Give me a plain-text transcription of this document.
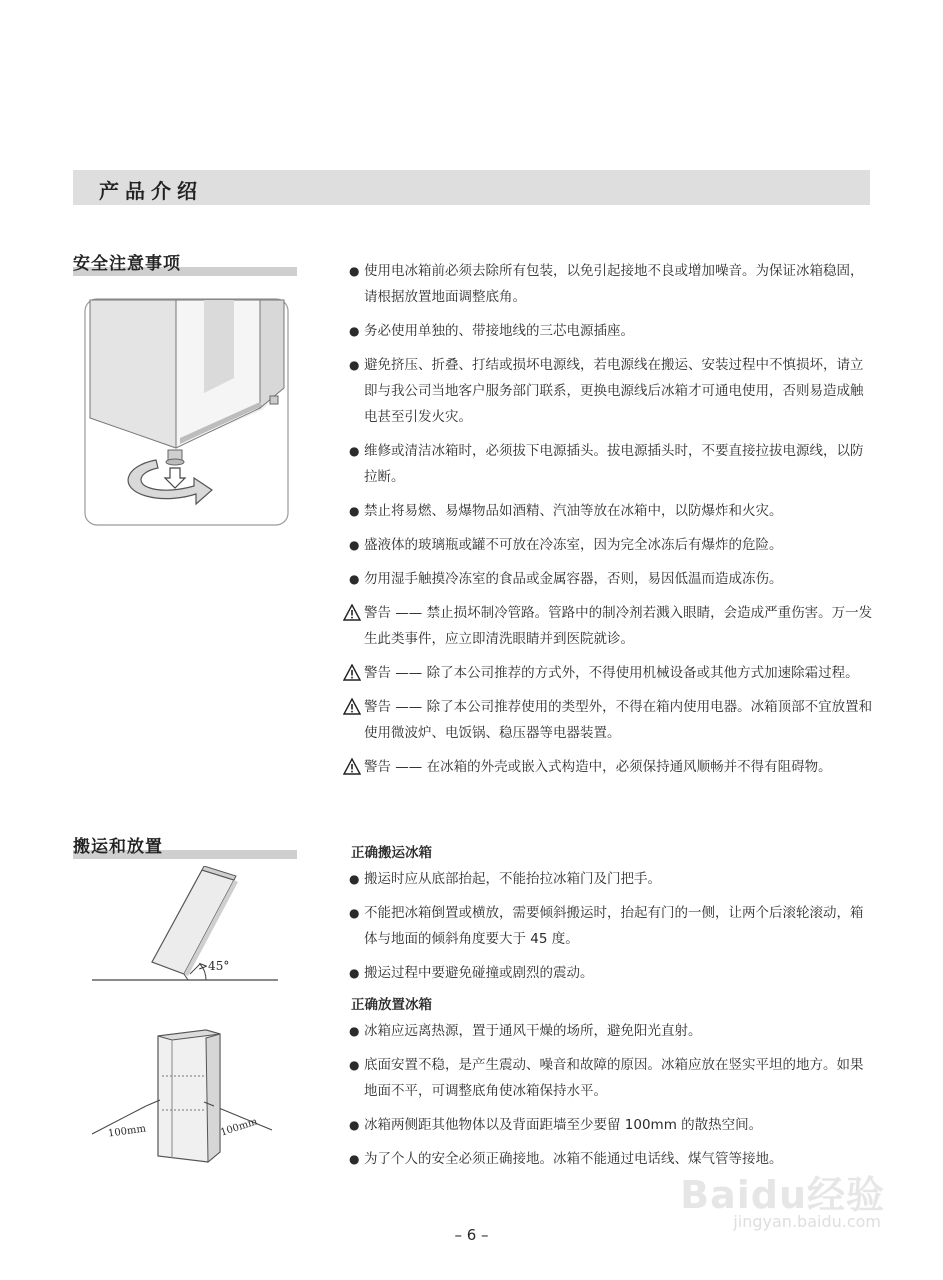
产品介绍
安全注意事项	● 使用电冰箱前必须去除所有包装，以免引起接地不良或增加噪音。为保证冰箱稳固，请根据放置地面调整底角。

● 务必使用单独的、带接地线的三芯电源插座。

● 避免挤压、折叠、打结或损坏电源线，若电源线在搬运、安装过程中不慎损坏，请立即与我公司当地客户服务部门联系，更换电源线后冰箱才可通电使用，否则易造成触电甚至引发火灾。

● 维修或清洁冰箱时，必须拔下电源插头。拔电源插头时，不要直接拉拔电源线，以防拉断。

● 禁止将易燃、易爆物品如酒精、汽油等放在冰箱中，以防爆炸和火灾。

● 盛液体的玻璃瓶或罐不可放在冷冻室，因为完全冰冻后有爆炸的危险。

● 勿用湿手触摸冷冻室的食品或金属容器，否则，易因低温而造成冻伤。

警告 —— 禁止损坏制冷管路。管路中的制冷剂若溅入眼睛，会造成严重伤害。万一发生此类事件，应立即清洗眼睛并到医院就诊。

警告 —— 除了本公司推荐的方式外，不得使用机械设备或其他方式加速除霜过程。

警告 —— 除了本公司推荐使用的类型外，不得在箱内使用电器。冰箱顶部不宜放置和使用微波炉、电饭锅、稳压器等电器装置。

警告 —— 在冰箱的外壳或嵌入式构造中，必须保持通风顺畅并不得有阻碍物。

搬运和放置
>45°
100mm	100mm
正确搬运冰箱

● 搬运时应从底部抬起，不能抬拉冰箱门及门把手。

● 不能把冰箱倒置或横放，需要倾斜搬运时，抬起有门的一侧，让两个后滚轮滚动，箱体与地面的倾斜角度要大于 45 度。

● 搬运过程中要避免碰撞或剧烈的震动。

正确放置冰箱

● 冰箱应远离热源，置于通风干燥的场所，避免阳光直射。

● 底面安置不稳，是产生震动、噪音和故障的原因。冰箱应放在竖实平坦的地方。如果地面不平，可调整底角使冰箱保持水平。

● 冰箱两侧距其他物体以及背面距墙至少要留 100mm 的散热空间。

● 为了个人的安全必须正确接地。冰箱不能通过电话线、煤气管等接地。

Baidu经验
jingyan.baidu.com
– 6 –
